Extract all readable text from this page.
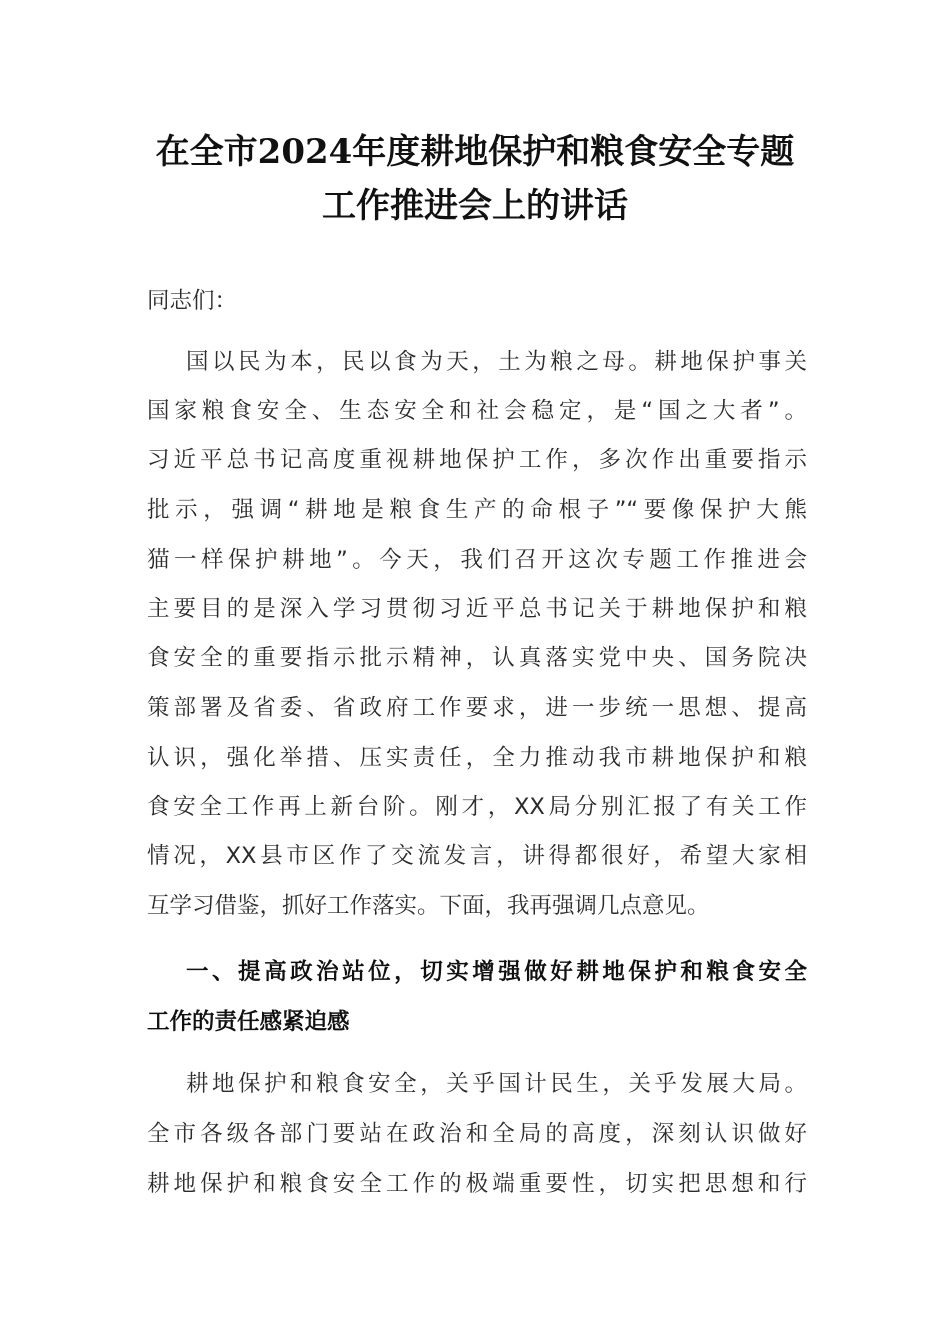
在全市2024年度耕地保护和粮食安全专题
工作推进会上的讲话
同志们：
国以民为本，民以食为天，土为粮之母。耕地保护事关
国家粮食安全、生态安全和社会稳定，是“国之大者”。
习近平总书记高度重视耕地保护工作，多次作出重要指示
批示，强调“耕地是粮食生产的命根子”“要像保护大熊
猫一样保护耕地”。今天，我们召开这次专题工作推进会
主要目的是深入学习贯彻习近平总书记关于耕地保护和粮
食安全的重要指示批示精神，认真落实党中央、国务院决
策部署及省委、省政府工作要求，进一步统一思想、提高
认识，强化举措、压实责任，全力推动我市耕地保护和粮
食安全工作再上新台阶。刚才，XX局分别汇报了有关工作
情况，XX县市区作了交流发言，讲得都很好，希望大家相
互学习借鉴，抓好工作落实。下面，我再强调几点意见。
一、提高政治站位，切实增强做好耕地保护和粮食安全
工作的责任感紧迫感
耕地保护和粮食安全，关乎国计民生，关乎发展大局。
全市各级各部门要站在政治和全局的高度，深刻认识做好
耕地保护和粮食安全工作的极端重要性，切实把思想和行
